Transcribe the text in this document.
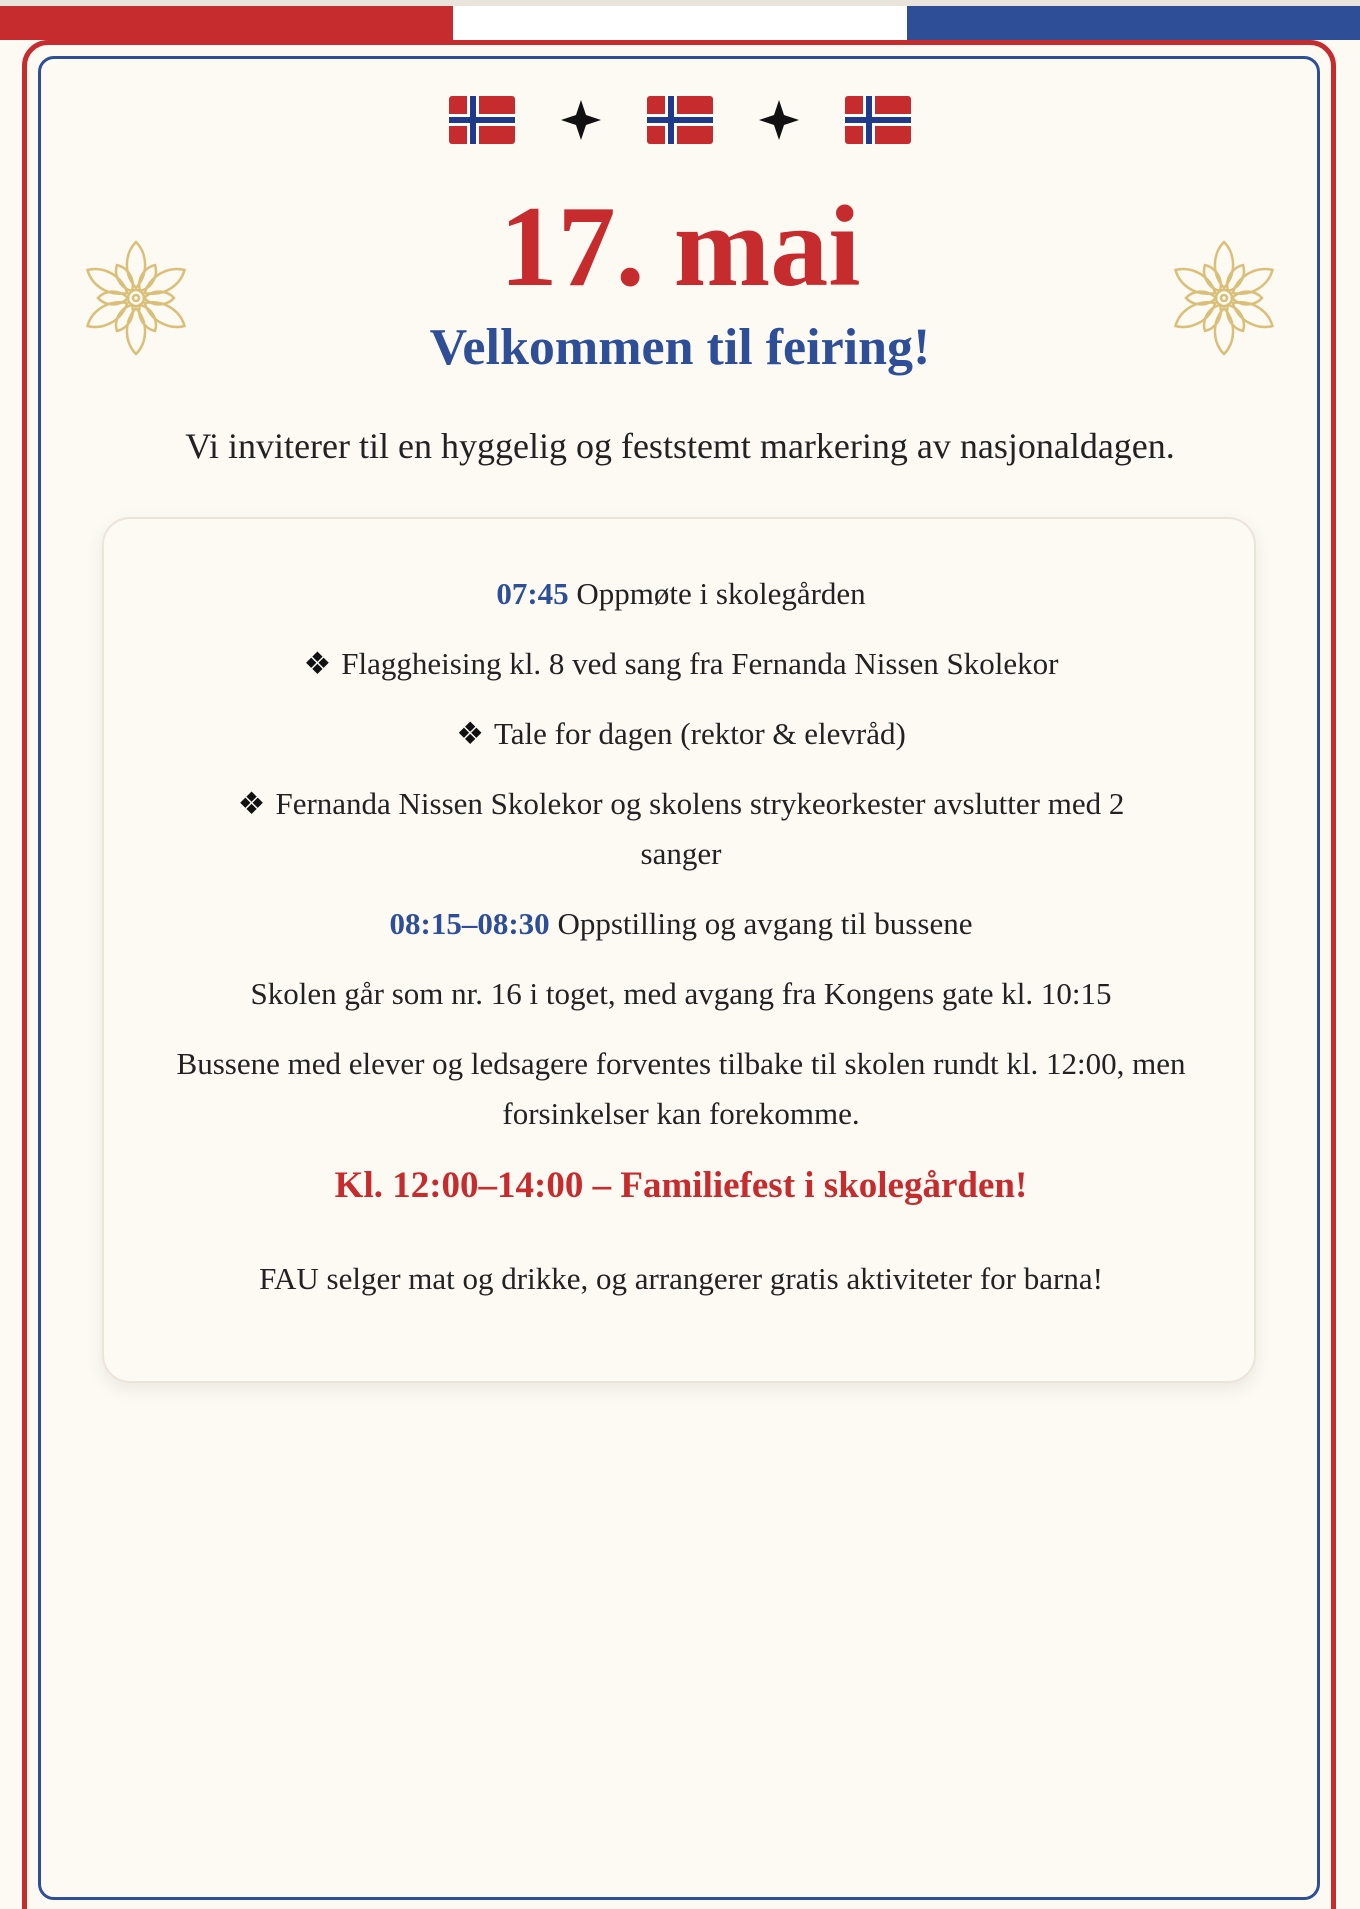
17. mai
Velkommen til feiring!

Vi inviterer til en hyggelig og feststemt markering av nasjonaldagen.

07:45 Oppmøte i skolegården

❖ Flaggheising kl. 8 ved sang fra Fernanda Nissen Skolekor

❖ Tale for dagen (rektor & elevråd)

❖ Fernanda Nissen Skolekor og skolens strykeorkester avslutter med 2 sanger

08:15–08:30 Oppstilling og avgang til bussene

Skolen går som nr. 16 i toget, med avgang fra Kongens gate kl. 10:15

Bussene med elever og ledsagere forventes tilbake til skolen rundt kl. 12:00, men forsinkelser kan forekomme.

Kl. 12:00–14:00 – Familiefest i skolegården!

FAU selger mat og drikke, og arrangerer gratis aktiviteter for barna!
